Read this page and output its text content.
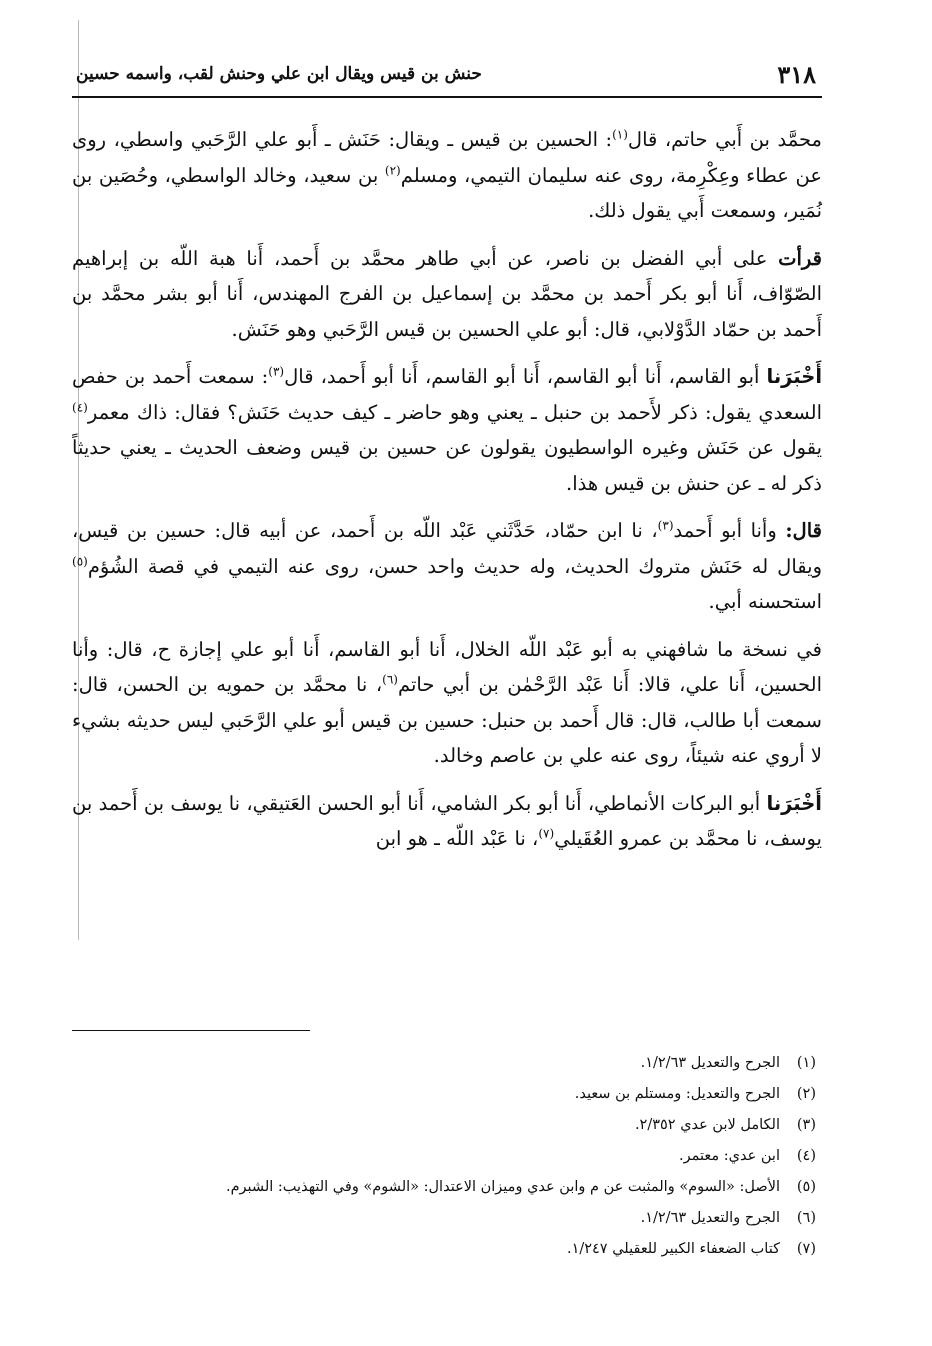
٣١٨
حنش بن قيس ويقال ابن علي وحنش لقب، واسمه حسين

محمَّد بن أَبي حاتم، قال$^{(١)}$: الحسين بن قيس ـ ويقال: حَنَش ـ أَبو علي الرَّحَبي واسطي، روى عن عطاء وعِكْرِمة، روى عنه سليمان التيمي، ومسلم$^{(٢)}$ بن سعيد، وخالد الواسطي، وحُصَين بن نُمَير، وسمعت أَبي يقول ذلك.

قرأت على أبي الفضل بن ناصر، عن أبي طاهر محمَّد بن أَحمد، أَنا هبة اللّه بن إبراهيم الصّوّاف، أَنا أبو بكر أَحمد بن محمَّد بن إسماعيل بن الفرج المهندس، أَنا أبو بشر محمَّد بن أَحمد بن حمّاد الدَّوْلابي، قال: أبو علي الحسين بن قيس الرَّحَبي وهو حَنَش.

أَخْبَرَنا أبو القاسم، أَنا أبو القاسم، أَنا أبو القاسم، أَنا أبو أَحمد، قال$^{(٣)}$: سمعت أَحمد بن حفص السعدي يقول: ذكر لأَحمد بن حنبل ـ يعني وهو حاضر ـ كيف حديث حَنَش؟ فقال: ذاك معمر$^{(٤)}$ يقول عن حَنَش وغيره الواسطيون يقولون عن حسين بن قيس وضعف الحديث ـ يعني حديثاً ذكر له ـ عن حنش بن قيس هذا.

قال: وأنا أبو أَحمد$^{(٣)}$، نا ابن حمّاد، حَدَّثَني عَبْد اللّه بن أَحمد، عن أبيه قال: حسين بن قيس، ويقال له حَنَش متروك الحديث، وله حديث واحد حسن، روى عنه التيمي في قصة الشُؤم$^{(٥)}$ استحسنه أبي.

في نسخة ما شافهني به أبو عَبْد اللّه الخلال، أَنا أبو القاسم، أَنا أبو علي إجازة ح، قال: وأنا الحسين، أَنا علي، قالا: أَنا عَبْد الرَّحْمٰن بن أبي حاتم$^{(٦)}$، نا محمَّد بن حمويه بن الحسن، قال: سمعت أبا طالب، قال: قال أَحمد بن حنبل: حسين بن قيس أبو علي الرَّحَبي ليس حديثه بشيء لا أروي عنه شيئاً، روى عنه علي بن عاصم وخالد.

أَخْبَرَنا أبو البركات الأنماطي، أَنا أبو بكر الشامي، أَنا أبو الحسن العَتيقي، نا يوسف بن أَحمد بن يوسف، نا محمَّد بن عمرو العُقَيلي$^{(٧)}$، نا عَبْد اللّه ـ هو ابن

(١)
الجرح والتعديل ١/٢/٦٣.
(٢)
الجرح والتعديل: ومستلم بن سعيد.
(٣)
الكامل لابن عدي ٢/٣٥٢.
(٤)
ابن عدي: معتمر.
(٥)
الأصل: «السوم» والمثبت عن م وابن عدي وميزان الاعتدال: «الشوم» وفي التهذيب: الشبرم.
(٦)
الجرح والتعديل ١/٢/٦٣.
(٧)
كتاب الضعفاء الكبير للعقيلي ١/٢٤٧.
